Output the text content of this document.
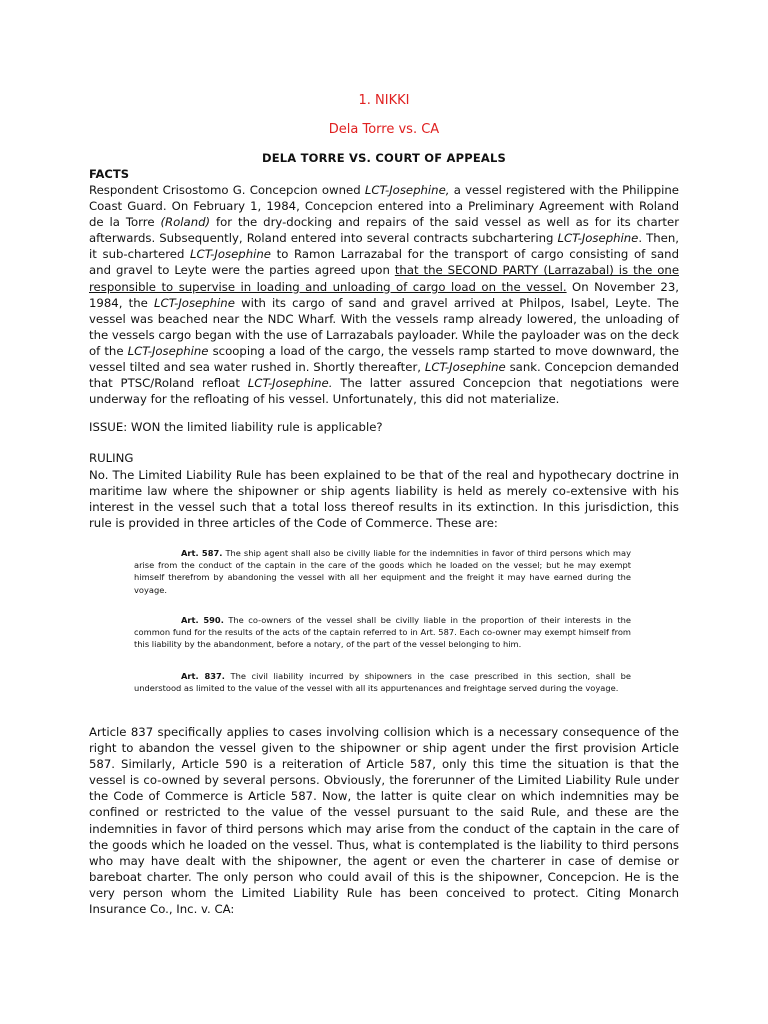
1. NIKKI
Dela Torre vs. CA
DELA TORRE VS. COURT OF APPEALS
FACTS
Respondent Crisostomo G. Concepcion owned LCT-Josephine, a vessel registered with the Philippine Coast Guard. On February 1, 1984, Concepcion entered into a Preliminary Agreement with Roland de la Torre (Roland) for the dry-docking and repairs of the said vessel as well as for its charter afterwards. Subsequently, Roland entered into several contracts subchartering LCT-Josephine. Then, it sub-chartered LCT-Josephine to Ramon Larrazabal for the transport of cargo consisting of sand and gravel to Leyte were the parties agreed upon that the SECOND PARTY (Larrazabal) is the one responsible to supervise in loading and unloading of cargo load on the vessel. On November 23, 1984, the LCT-Josephine with its cargo of sand and gravel arrived at Philpos, Isabel, Leyte. The vessel was beached near the NDC Wharf. With the vessels ramp already lowered, the unloading of the vessels cargo began with the use of Larrazabals payloader. While the payloader was on the deck of the LCT-Josephine scooping a load of the cargo, the vessels ramp started to move downward, the vessel tilted and sea water rushed in. Shortly thereafter, LCT-Josephine sank. Concepcion demanded that PTSC/Roland refloat LCT-Josephine. The latter assured Concepcion that negotiations were underway for the refloating of his vessel. Unfortunately, this did not materialize.
ISSUE: WON the limited liability rule is applicable?
RULING
No. The Limited Liability Rule has been explained to be that of the real and hypothecary doctrine in maritime law where the shipowner or ship agents liability is held as merely co-extensive with his interest in the vessel such that a total loss thereof results in its extinction. In this jurisdiction, this rule is provided in three articles of the Code of Commerce. These are:
Art. 587. The ship agent shall also be civilly liable for the indemnities in favor of third persons which may arise from the conduct of the captain in the care of the goods which he loaded on the vessel; but he may exempt himself therefrom by abandoning the vessel with all her equipment and the freight it may have earned during the voyage.
Art. 590. The co-owners of the vessel shall be civilly liable in the proportion of their interests in the common fund for the results of the acts of the captain referred to in Art. 587. Each co-owner may exempt himself from this liability by the abandonment, before a notary, of the part of the vessel belonging to him.
Art. 837. The civil liability incurred by shipowners in the case prescribed in this section, shall be understood as limited to the value of the vessel with all its appurtenances and freightage served during the voyage.
Article 837 specifically applies to cases involving collision which is a necessary consequence of the right to abandon the vessel given to the shipowner or ship agent under the first provision Article 587. Similarly, Article 590 is a reiteration of Article 587, only this time the situation is that the vessel is co-owned by several persons. Obviously, the forerunner of the Limited Liability Rule under the Code of Commerce is Article 587. Now, the latter is quite clear on which indemnities may be confined or restricted to the value of the vessel pursuant to the said Rule, and these are the indemnities in favor of third persons which may arise from the conduct of the captain in the care of the goods which he loaded on the vessel. Thus, what is contemplated is the liability to third persons who may have dealt with the shipowner, the agent or even the charterer in case of demise or bareboat charter. The only person who could avail of this is the shipowner, Concepcion. He is the very person whom the Limited Liability Rule has been conceived to protect. Citing Monarch Insurance Co., Inc. v. CA:
